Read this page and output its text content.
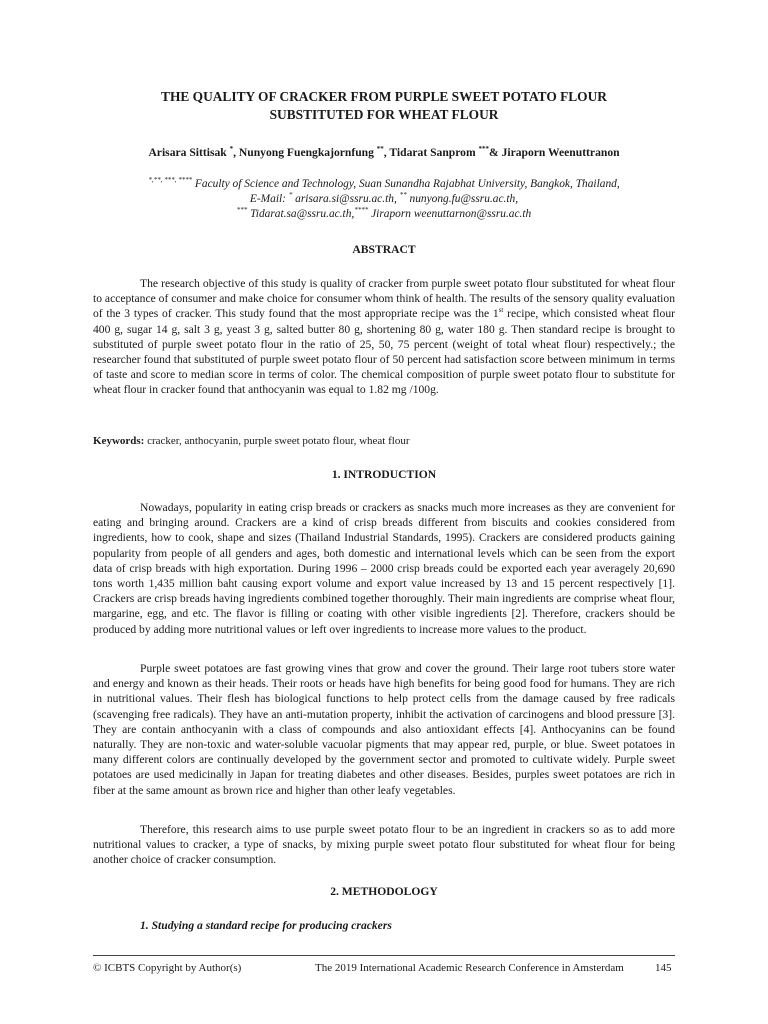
THE QUALITY OF CRACKER FROM PURPLE SWEET POTATO FLOUR
SUBSTITUTED FOR WHEAT FLOUR
Arisara Sittisak *, Nunyong Fuengkajornfung **, Tidarat Sanprom ***& Jiraporn Weenuttranon
*,**, ***, **** Faculty of Science and Technology, Suan Sunandha Rajabhat University, Bangkok, Thailand,
E-Mail: * arisara.si@ssru.ac.th, ** nunyong.fu@ssru.ac.th,
*** Tidarat.sa@ssru.ac.th,**** Jiraporn weenuttarnon@ssru.ac.th
ABSTRACT

The research objective of this study is quality of cracker from purple sweet potato flour substituted for wheat flour to acceptance of consumer and make choice for consumer whom think of health. The results of the sensory quality evaluation of the 3 types of cracker. This study found that the most appropriate recipe was the 1st recipe, which consisted wheat flour 400 g, sugar 14 g, salt 3 g, yeast 3 g, salted butter 80 g, shortening 80 g, water 180 g. Then standard recipe is brought to substituted of purple sweet potato flour in the ratio of 25, 50, 75 percent (weight of total wheat flour) respectively.; the researcher found that substituted of purple sweet potato flour of 50 percent had satisfaction score between minimum in terms of taste and score to median score in terms of color. The chemical composition of purple sweet potato flour to substitute for wheat flour in cracker found that anthocyanin was equal to 1.82 mg /100g.

Keywords: cracker, anthocyanin, purple sweet potato flour, wheat flour
1. INTRODUCTION

Nowadays, popularity in eating crisp breads or crackers as snacks much more increases as they are convenient for eating and bringing around. Crackers are a kind of crisp breads different from biscuits and cookies considered from ingredients, how to cook, shape and sizes (Thailand Industrial Standards, 1995). Crackers are considered products gaining popularity from people of all genders and ages, both domestic and international levels which can be seen from the export data of crisp breads with high exportation. During 1996 – 2000 crisp breads could be exported each year averagely 20,690 tons worth 1,435 million baht causing export volume and export value increased by 13 and 15 percent respectively [1]. Crackers are crisp breads having ingredients combined together thoroughly. Their main ingredients are comprise wheat flour, margarine, egg, and etc. The flavor is filling or coating with other visible ingredients [2]. Therefore, crackers should be produced by adding more nutritional values or left over ingredients to increase more values to the product.

Purple sweet potatoes are fast growing vines that grow and cover the ground. Their large root tubers store water and energy and known as their heads. Their roots or heads have high benefits for being good food for humans. They are rich in nutritional values. Their flesh has biological functions to help protect cells from the damage caused by free radicals (scavenging free radicals). They have an anti-mutation property, inhibit the activation of carcinogens and blood pressure [3]. They are contain anthocyanin with a class of compounds and also antioxidant effects [4]. Anthocyanins can be found naturally. They are non-toxic and water-soluble vacuolar pigments that may appear red, purple, or blue. Sweet potatoes in many different colors are continually developed by the government sector and promoted to cultivate widely. Purple sweet potatoes are used medicinally in Japan for treating diabetes and other diseases. Besides, purples sweet potatoes are rich in fiber at the same amount as brown rice and higher than other leafy vegetables.

Therefore, this research aims to use purple sweet potato flour to be an ingredient in crackers so as to add more nutritional values to cracker, a type of snacks, by mixing purple sweet potato flour substituted for wheat flour for being another choice of cracker consumption.

2. METHODOLOGY
1. Studying a standard recipe for producing crackers
© ICBTS Copyright by Author(s)	The 2019 International Academic Research Conference in Amsterdam	145
